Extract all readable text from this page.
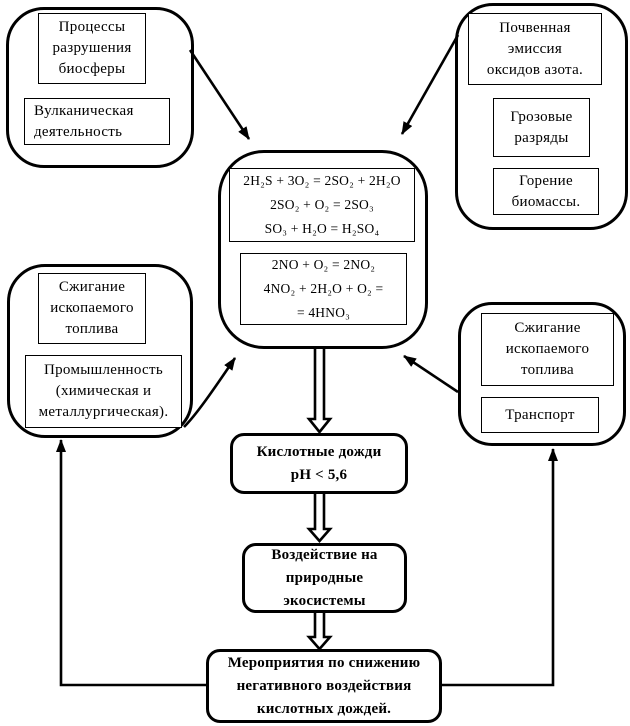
Процессы
разрушения
биосферы
Вулканическая
деятельность
Почвенная
эмиссия
оксидов азота.
Грозовые
разряды
Горение
биомассы.
2H₂S + 3O₂ = 2SO₂ + 2H₂O
2SO₂ + O₂ = 2SO₃
SO₃ + H₂O = H₂SO₄
2NO + O₂ = 2NO₂
4NO₂ + 2H₂O + O₂ =
= 4HNO₃
Сжигание
ископаемого
топлива
Промышленность
(химическая и
металлургическая).
Сжигание
ископаемого
топлива
Транспорт
Кислотные дожди
рН < 5,6
Воздействие на
природные
экосистемы
Мероприятия по снижению
негативного воздействия
кислотных дождей.
